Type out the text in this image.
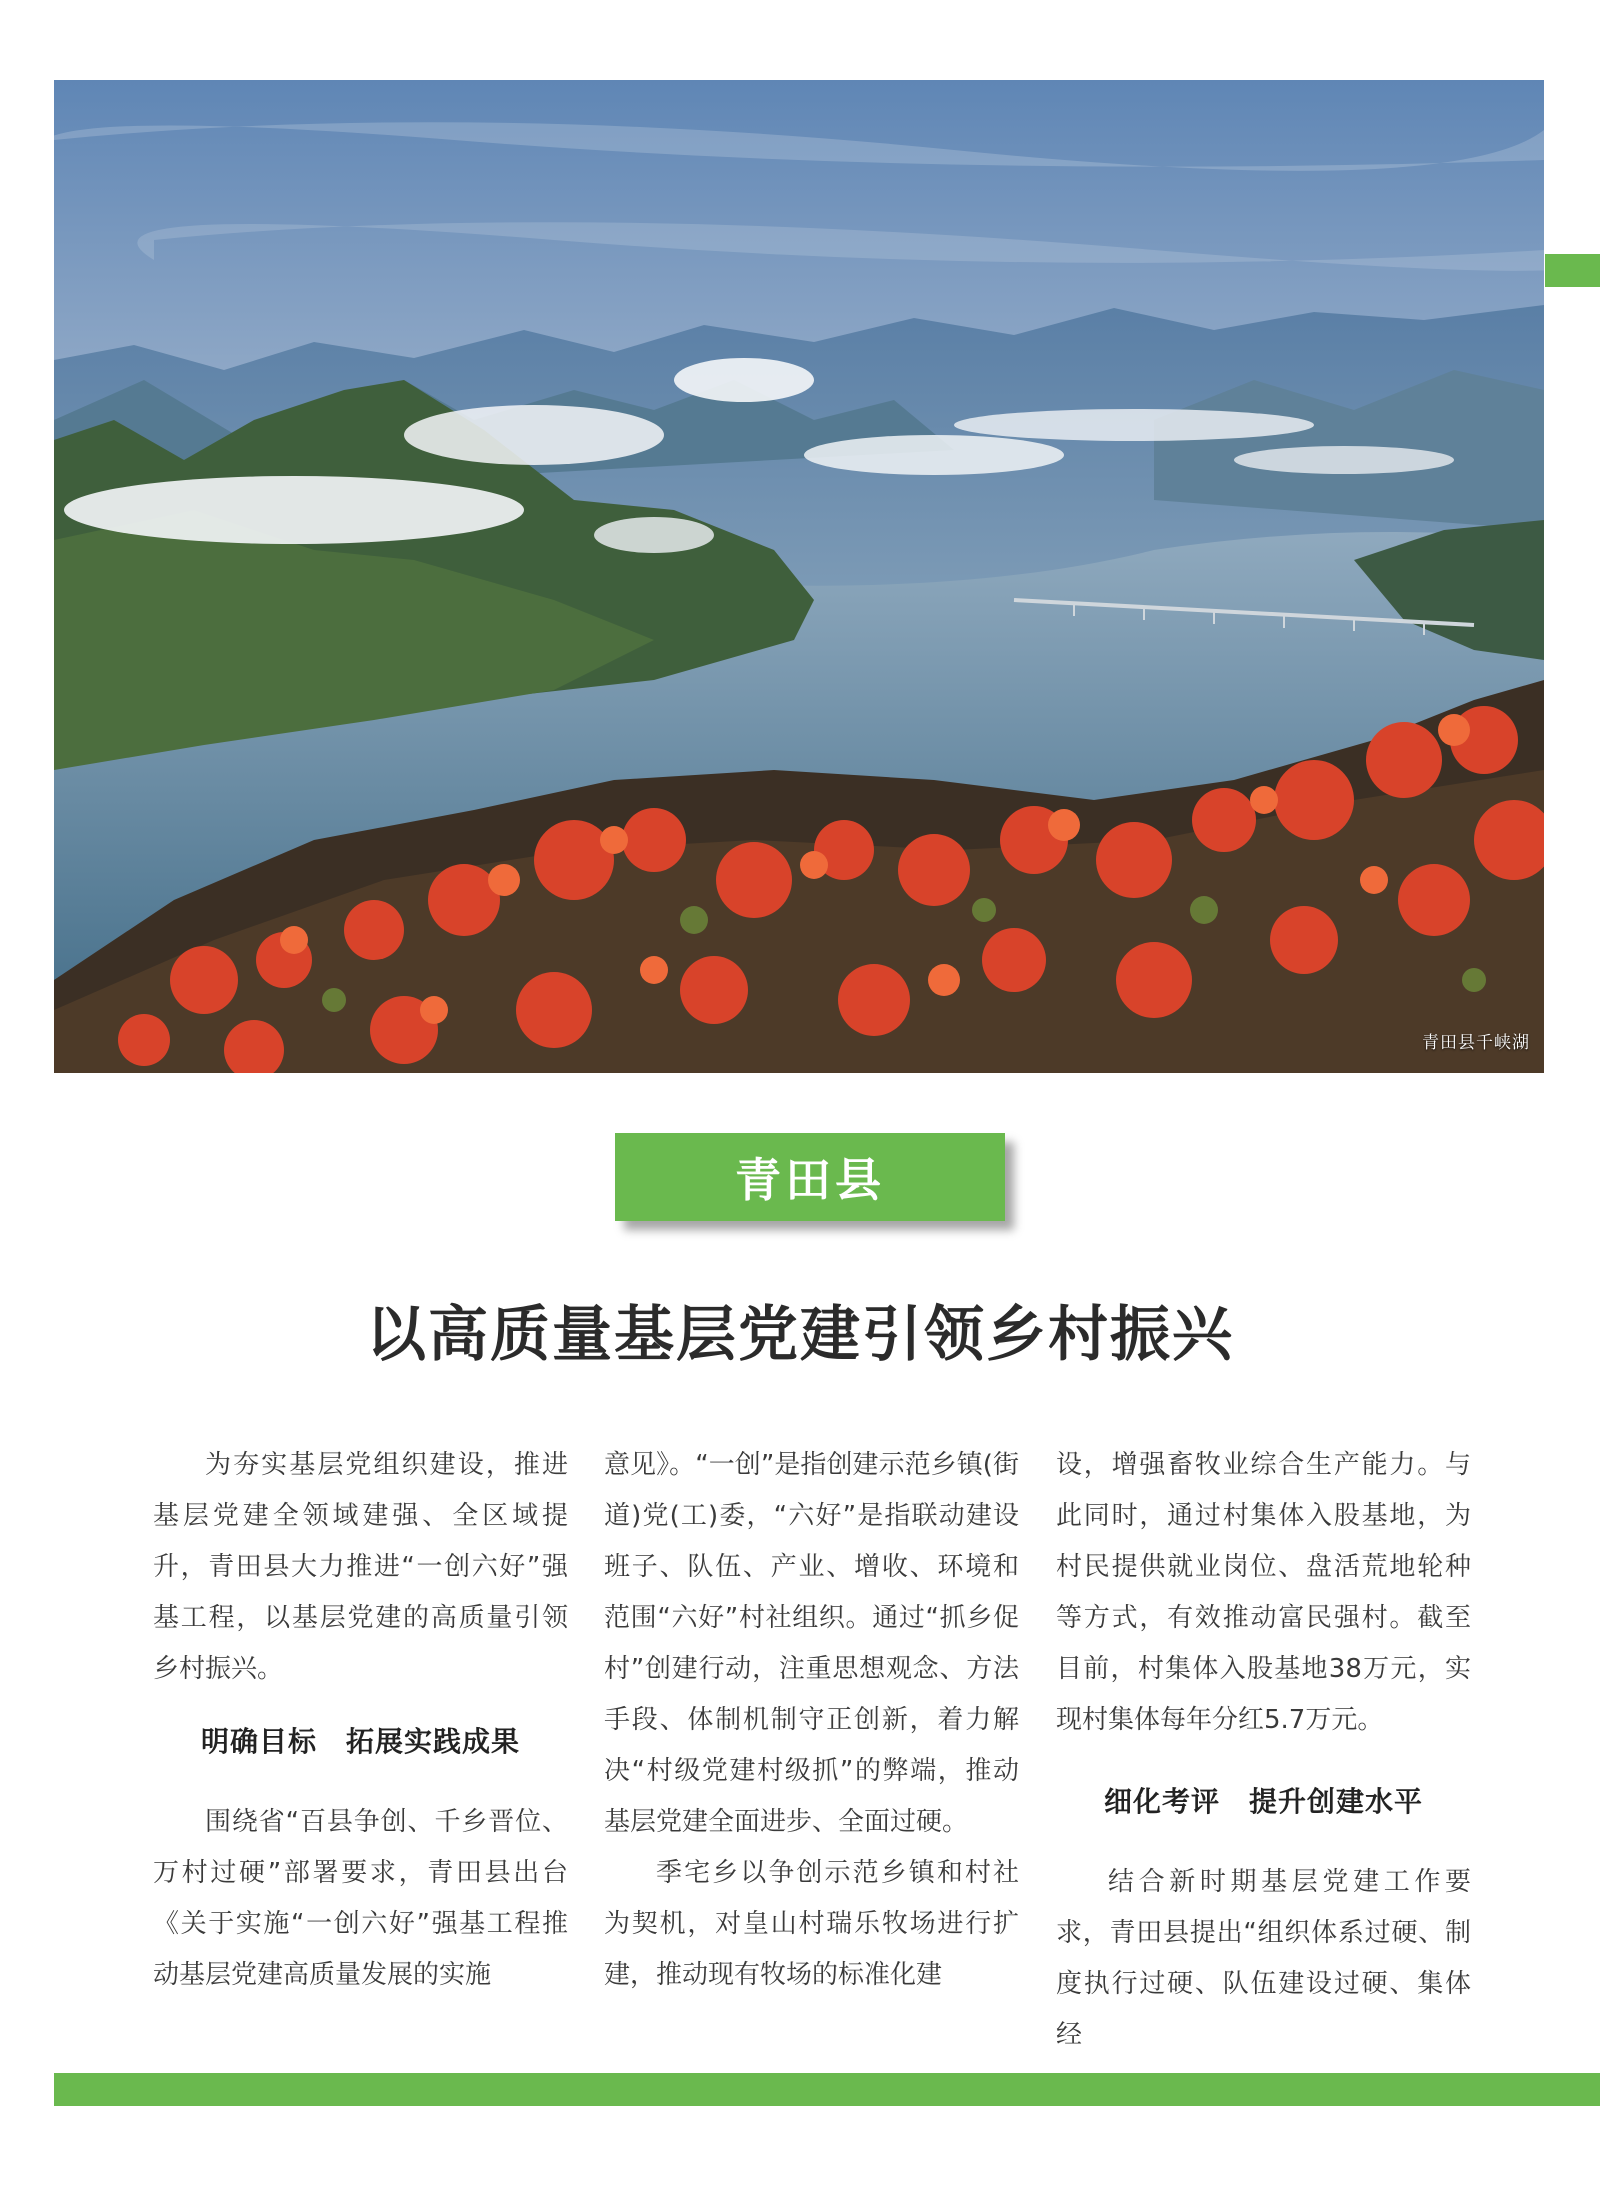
青田县千峡湖
青田县
以高质量基层党建引领乡村振兴

为夯实基层党组织建设，推进基层党建全领域建强、全区域提升，青田县大力推进“一创六好”强基工程，以基层党建的高质量引领乡村振兴。

明确目标　拓展实践成果

围绕省“百县争创、千乡晋位、万村过硬”部署要求，青田县出台《关于实施“一创六好”强基工程推动基层党建高质量发展的实施

意见》。“一创”是指创建示范乡镇(街道)党(工)委，“六好”是指联动建设班子、队伍、产业、增收、环境和范围“六好”村社组织。通过“抓乡促村”创建行动，注重思想观念、方法手段、体制机制守正创新，着力解决“村级党建村级抓”的弊端，推动基层党建全面进步、全面过硬。

季宅乡以争创示范乡镇和村社为契机，对皇山村瑞乐牧场进行扩建，推动现有牧场的标准化建

设，增强畜牧业综合生产能力。与此同时，通过村集体入股基地，为村民提供就业岗位、盘活荒地轮种等方式，有效推动富民强村。截至目前，村集体入股基地38万元，实现村集体每年分红5.7万元。

细化考评　提升创建水平

结合新时期基层党建工作要求，青田县提出“组织体系过硬、制度执行过硬、队伍建设过硬、集体经
